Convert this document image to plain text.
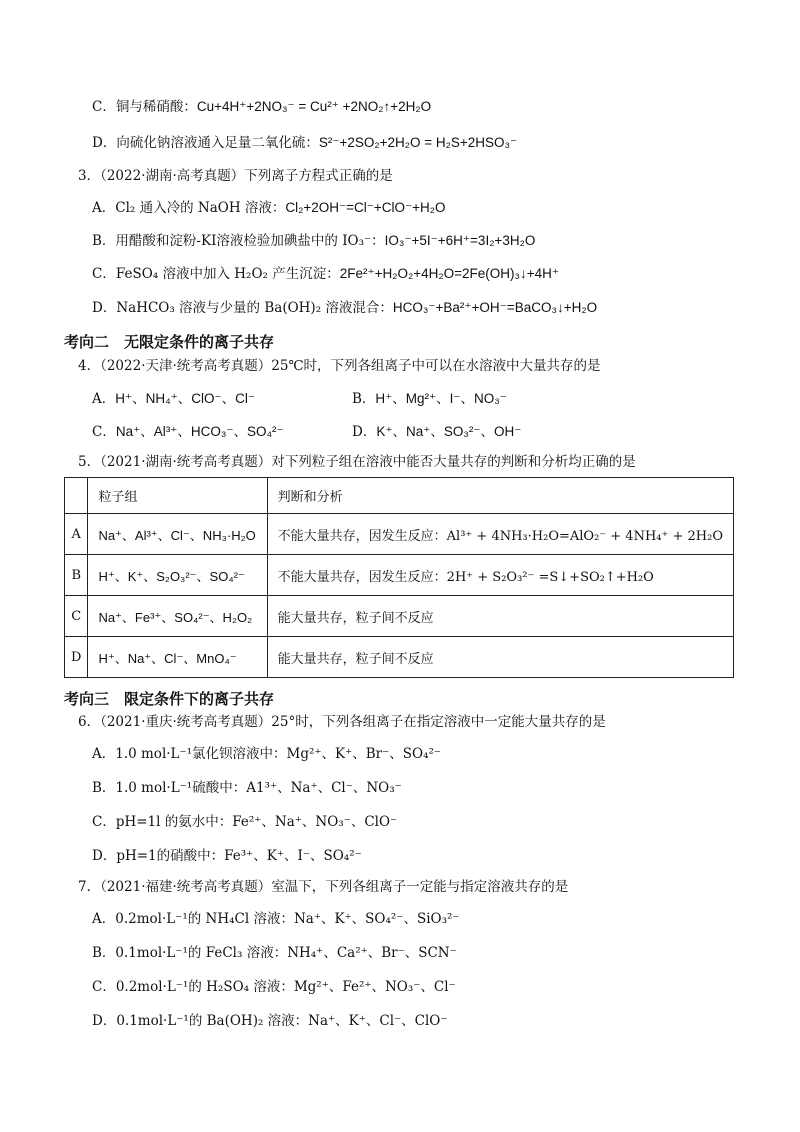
C．铜与稀硝酸：Cu+4H⁺+2NO₃⁻ = Cu²⁺ +2NO₂↑+2H₂O
D．向硫化钠溶液通入足量二氧化硫：S²⁻+2SO₂+2H₂O = H₂S+2HSO₃⁻
3．（2022·湖南·高考真题）下列离子方程式正确的是
A．Cl₂ 通入冷的 NaOH 溶液：Cl₂+2OH⁻=Cl⁻+ClO⁻+H₂O
B．用醋酸和淀粉-KI溶液检验加碘盐中的 IO₃⁻：IO₃⁻+5I⁻+6H⁺=3I₂+3H₂O
C．FeSO₄ 溶液中加入 H₂O₂ 产生沉淀：2Fe²⁺+H₂O₂+4H₂O=2Fe(OH)₃↓+4H⁺
D．NaHCO₃ 溶液与少量的 Ba(OH)₂ 溶液混合：HCO₃⁻+Ba²⁺+OH⁻=BaCO₃↓+H₂O
考向二　无限定条件的离子共存
4．（2022·天津·统考高考真题）25℃时，下列各组离子中可以在水溶液中大量共存的是
A．H⁺、NH₄⁺、ClO⁻、Cl⁻	B．H⁺、Mg²⁺、I⁻、NO₃⁻
C．Na⁺、Al³⁺、HCO₃⁻、SO₄²⁻	D．K⁺、Na⁺、SO₃²⁻、OH⁻
5．（2021·湖南·统考高考真题）对下列粒子组在溶液中能否大量共存的判断和分析均正确的是
	粒子组	判断和分析
A	Na⁺、Al³⁺、Cl⁻、NH₃·H₂O	不能大量共存，因发生反应：Al³⁺ + 4NH₃·H₂O=AlO₂⁻ + 4NH₄⁺ + 2H₂O
B	H⁺、K⁺、S₂O₃²⁻、SO₄²⁻	不能大量共存，因发生反应：2H⁺ + S₂O₃²⁻ =S↓+SO₂↑+H₂O
C	Na⁺、Fe³⁺、SO₄²⁻、H₂O₂	能大量共存，粒子间不反应
D	H⁺、Na⁺、Cl⁻、MnO₄⁻	能大量共存，粒子间不反应
考向三　限定条件下的离子共存
6．（2021·重庆·统考高考真题）25°时，下列各组离子在指定溶液中一定能大量共存的是
A．1.0 mol·L⁻¹氯化钡溶液中：Mg²⁺、K⁺、Br⁻、SO₄²⁻
B．1.0 mol·L⁻¹硫酸中：A1³⁺、Na⁺、Cl⁻、NO₃⁻
C．pH=1l 的氨水中：Fe²⁺、Na⁺、NO₃⁻、ClO⁻
D．pH=1的硝酸中：Fe³⁺、K⁺、I⁻、SO₄²⁻
7．（2021·福建·统考高考真题）室温下，下列各组离子一定能与指定溶液共存的是
A．0.2mol·L⁻¹的 NH₄Cl 溶液：Na⁺、K⁺、SO₄²⁻、SiO₃²⁻
B．0.1mol·L⁻¹的 FeCl₃ 溶液：NH₄⁺、Ca²⁺、Br⁻、SCN⁻
C．0.2mol·L⁻¹的 H₂SO₄ 溶液：Mg²⁺、Fe²⁺、NO₃⁻、Cl⁻
D．0.1mol·L⁻¹的 Ba(OH)₂ 溶液：Na⁺、K⁺、Cl⁻、ClO⁻
